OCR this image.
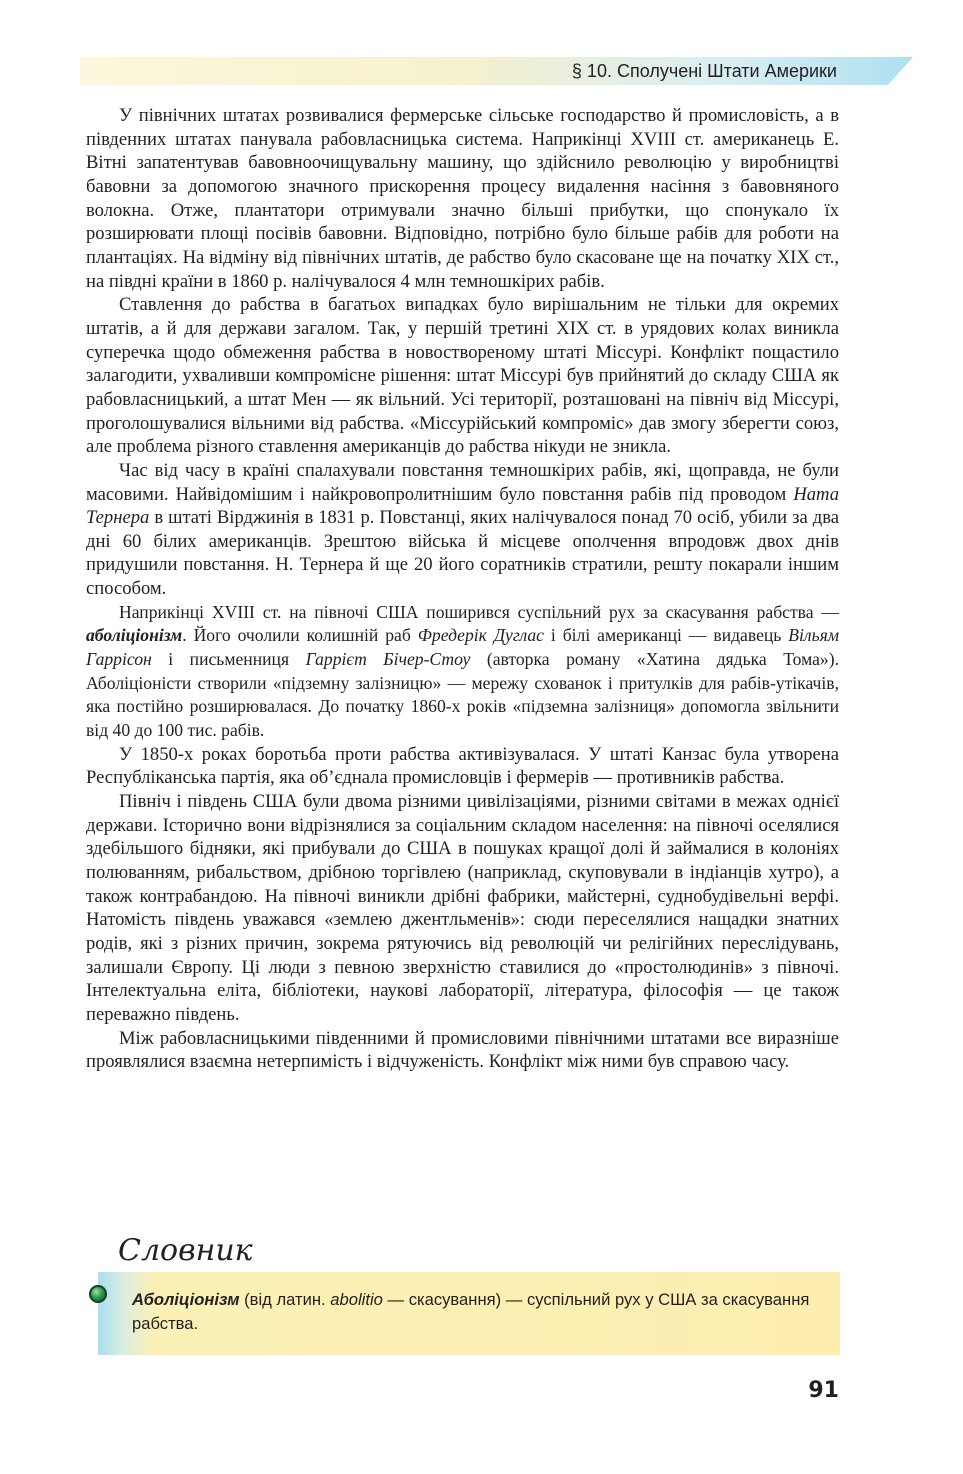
§ 10. Сполучені Штати Америки

У північних штатах розвивалися фермерське сільське господарство й промисловість, а в південних штатах панувала рабовласницька система. Наприкінці XVIII ст. американець Е. Вітні запатентував бавовноочищувальну машину, що здійснило революцію у виробництві бавовни за допомогою значного прискорення процесу видалення насіння з бавовняного волокна. Отже, плантатори отримували значно більші прибутки, що спонукало їх розширювати площі посівів бавовни. Відповідно, потрібно було більше рабів для роботи на плантаціях. На відміну від північних штатів, де рабство було скасоване ще на початку XIX ст., на півдні країни в 1860 р. налічувалося 4 млн темношкірих рабів.

Ставлення до рабства в багатьох випадках було вирішальним не тільки для окремих штатів, а й для держави загалом. Так, у першій третині XIX ст. в урядових колах виникла суперечка щодо обмеження рабства в новоствореному штаті Міссурі. Конфлікт пощастило залагодити, ухваливши компромісне рішення: штат Міссурі був прийнятий до складу США як рабовласницький, а штат Мен — як вільний. Усі території, розташовані на північ від Міссурі, проголошувалися вільними від рабства. «Міссурійський компроміс» дав змогу зберегти союз, але проблема різного ставлення американців до рабства нікуди не зникла.

Час від часу в країні спалахували повстання темношкірих рабів, які, щоправда, не були масовими. Найвідомішим і найкровопролитнішим було повстання рабів під проводом Ната Тернера в штаті Вірджинія в 1831 р. Повстанці, яких налічувалося понад 70 осіб, убили за два дні 60 білих американців. Зрештою війська й місцеве ополчення впродовж двох днів придушили повстання. Н. Тернера й ще 20 його соратників стратили, решту покарали іншим способом.

Наприкінці XVIII ст. на півночі США поширився суспільний рух за скасування рабства — аболіціонізм. Його очолили колишній раб Фредерік Дуглас і білі американці — видавець Вільям Гаррісон і письменниця Гаррієт Бічер-Стоу (авторка роману «Хатина дядька Тома»). Аболіціоністи створили «підземну залізницю» — мережу схованок і притулків для рабів-утікачів, яка постійно розширювалася. До початку 1860-х років «підземна залізниця» допомогла звільнити від 40 до 100 тис. рабів.

У 1850-х роках боротьба проти рабства активізувалася. У штаті Канзас була утворена Республіканська партія, яка об’єднала промисловців і фермерів — противників рабства.

Північ і південь США були двома різними цивілізаціями, різними світами в межах однієї держави. Історично вони відрізнялися за соціальним складом населення: на півночі оселялися здебільшого бідняки, які прибували до США в пошуках кращої долі й займалися в колоніях полюванням, рибальством, дрібною торгівлею (наприклад, скуповували в індіанців хутро), а також контрабандою. На півночі виникли дрібні фабрики, майстерні, суднобудівельні верфі. Натомість південь уважався «землею джентльменів»: сюди переселялися нащадки знатних родів, які з різних причин, зокрема рятуючись від революцій чи релігійних переслідувань, залишали Європу. Ці люди з певною зверхністю ставилися до «простолюдинів» з півночі. Інтелектуальна еліта, бібліотеки, наукові лабораторії, література, філософія — це також переважно південь.

Між рабовласницькими південними й промисловими північними штатами все виразніше проявлялися взаємна нетерпимість і відчуженість. Конфлікт між ними був справою часу.

Словник
Аболіціонізм (від латин. abolitio — скасування) — суспільний рух у США за скасування рабства.
91
